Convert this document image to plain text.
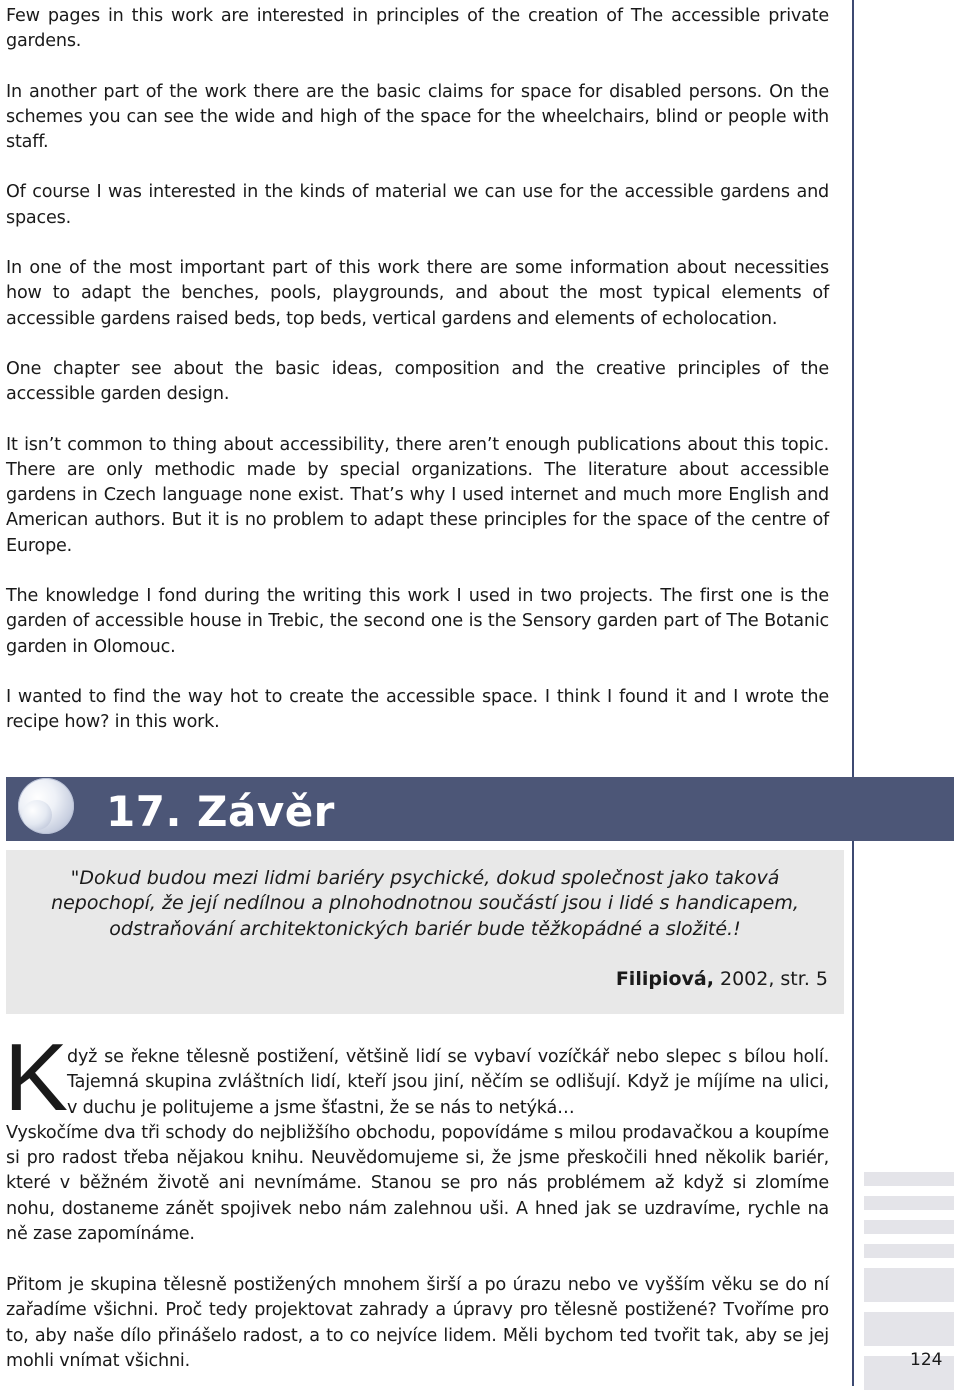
Few pages in this work are interested in principles of the creation of The accessible private gardens.

In another part of the work there are the basic claims for space for disabled persons. On the schemes you can see the wide and high of the space for the wheelchairs, blind or people with staff.

Of course I was interested in the kinds of material we can use for the accessible gardens and spaces.

In one of the most important part of this work there are some information about necessities how to adapt the benches, pools, playgrounds, and about the most typical elements of accessible gardens raised beds, top beds, vertical gardens and elements of echolocation.

One chapter see about the basic ideas, composition and the creative principles of the accessible garden design.

It isn’t common to thing about accessibility, there aren’t enough publications about this topic. There are only methodic made by special organizations. The literature about accessible gardens in Czech language none exist. That’s why I used internet and much more English and American authors. But it is no problem to adapt these principles for the space of the centre of Europe.

The knowledge I fond during the writing this work I used in two projects. The first one is the garden of accessible house in Trebic, the second one is the Sensory garden part of The Botanic garden in Olomouc.

I wanted to find the way hot to create the accessible space. I think I found it and I wrote the recipe how? in this work.

17. Závěr
"Dokud budou mezi lidmi bariéry psychické, dokud společnost jako taková nepochopí, že její nedílnou a plnohodnotnou součástí jsou i lidé s handicapem, odstraňování architektonických bariér bude těžkopádné a složité.!
Filipiová, 2002, str. 5
K
dyž se řekne tělesně postižení, většině lidí se vybaví vozíčkář nebo slepec s bílou holí. Tajemná skupina zvláštních lidí, kteří jsou jiní, něčím se odlišují. Když je míjíme na ulici, v duchu je politujeme a jsme šťastni, že se nás to netýká…
Vyskočíme dva tři schody do nejbližšího obchodu, popovídáme s milou prodavačkou a koupíme si pro radost třeba nějakou knihu. Neuvědomujeme si, že jsme přeskočili hned několik bariér, které v běžném životě ani nevnímáme. Stanou se pro nás problémem až když si zlomíme nohu, dostaneme zánět spojivek nebo nám zalehnou uši. A hned jak se uzdravíme, rychle na ně zase zapomínáme.
Přitom je skupina tělesně postižených mnohem širší a po úrazu nebo ve vyšším věku se do ní zařadíme všichni. Proč tedy projektovat zahrady a úpravy pro tělesně postižené? Tvoříme pro to, aby naše dílo přinášelo radost, a to co nejvíce lidem. Měli bychom ted tvořit tak, aby se jej mohli vnímat všichni.	124
